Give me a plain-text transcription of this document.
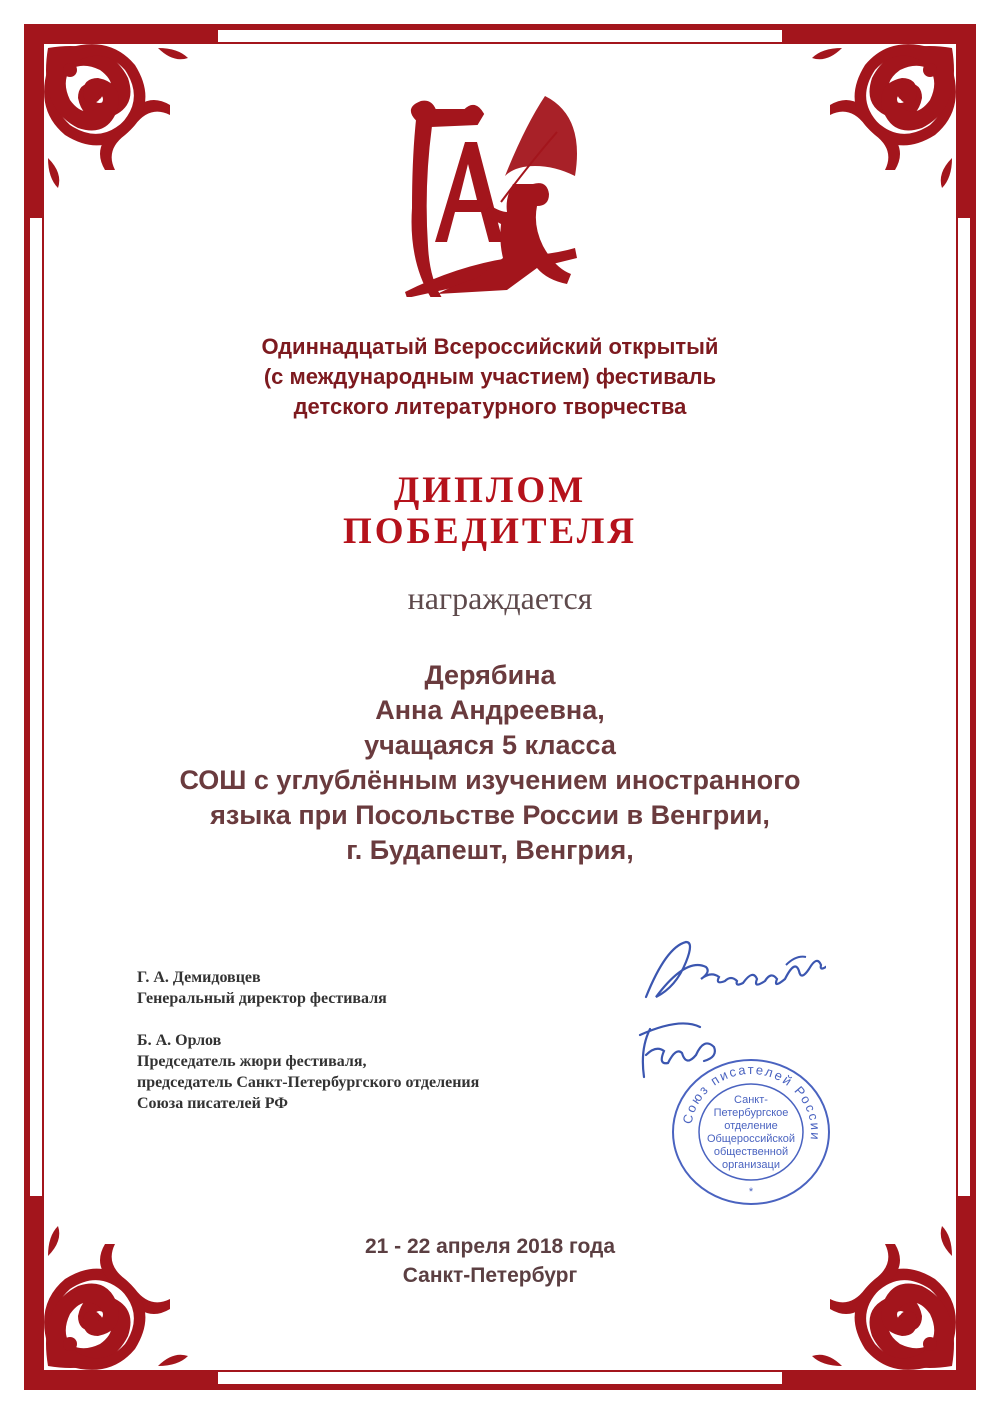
Одиннадцатый Всероссийский открытый
(с международным участием) фестиваль
детского литературного творчества
ДИПЛОМ
ПОБЕДИТЕЛЯ
награждается
Дерябина
Анна Андреевна,
учащаяся 5 класса
СОШ с углублённым изучением иностранного
языка при Посольстве России в Венгрии,
г. Будапешт, Венгрия,
Г. А. Демидовцев
Генеральный директор фестиваля
Б. А. Орлов
Председатель жюри фестиваля,
председатель Санкт-Петербургского отделения
Союза писателей РФ
Союз писателей России
Санкт-
Петербургское
отделение
Общероссийской
общественной
организаци
*
21 - 22 апреля 2018 года
Санкт-Петербург
